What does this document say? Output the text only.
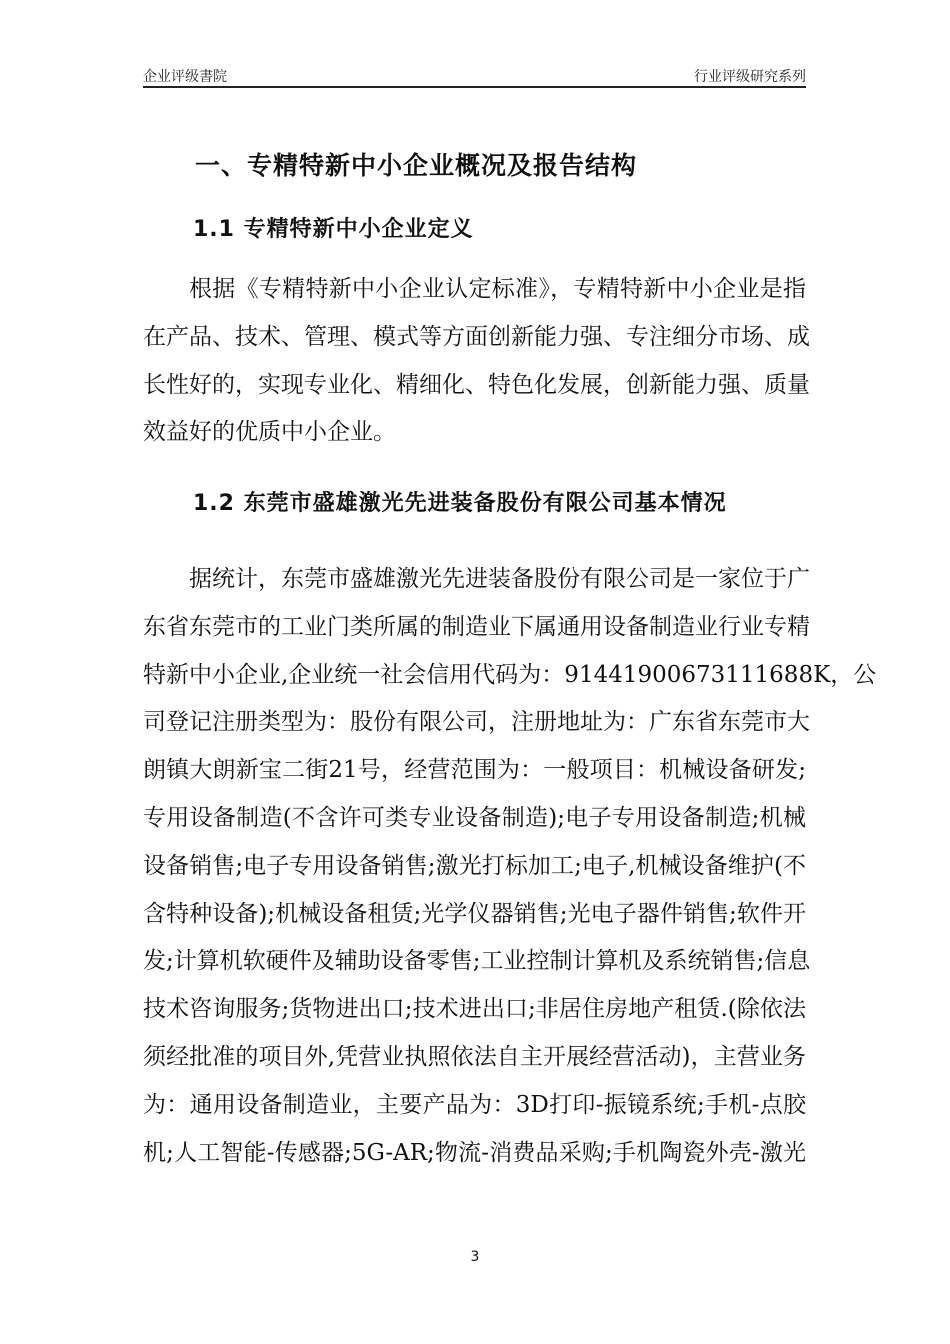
企业评级書院	行业评级研究系列
一、专精特新中小企业概况及报告结构
1.1 专精特新中小企业定义
根据《专精特新中小企业认定标准》，专精特新中小企业是指
在产品、技术、管理、模式等方面创新能力强、专注细分市场、成
长性好的，实现专业化、精细化、特色化发展，创新能力强、质量
效益好的优质中小企业。
1.2 东莞市盛雄激光先进装备股份有限公司基本情况
据统计，东莞市盛雄激光先进装备股份有限公司是一家位于广
东省东莞市的工业门类所属的制造业下属通用设备制造业行业专精
特新中小企业,企业统一社会信用代码为：91441900673111688K，公
司登记注册类型为：股份有限公司，注册地址为：广东省东莞市大
朗镇大朗新宝二街21号，经营范围为：一般项目：机械设备研发;
专用设备制造(不含许可类专业设备制造);电子专用设备制造;机械
设备销售;电子专用设备销售;激光打标加工;电子,机械设备维护(不
含特种设备);机械设备租赁;光学仪器销售;光电子器件销售;软件开
发;计算机软硬件及辅助设备零售;工业控制计算机及系统销售;信息
技术咨询服务;货物进出口;技术进出口;非居住房地产租赁.(除依法
须经批准的项目外,凭营业执照依法自主开展经营活动)，主营业务
为：通用设备制造业，主要产品为：3D打印-振镜系统;手机-点胶
机;人工智能-传感器;5G-AR;物流-消费品采购;手机陶瓷外壳-激光
3
